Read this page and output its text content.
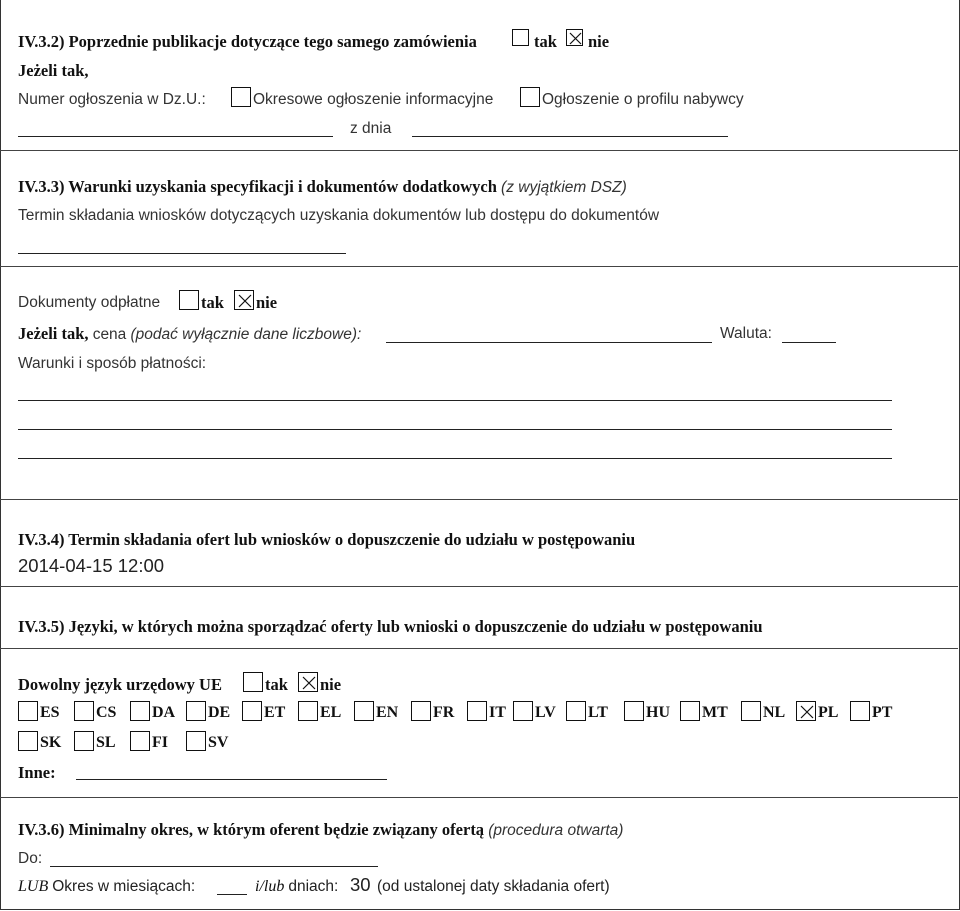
IV.3.2) Poprzednie publikacje dotyczące tego samego zamówienia	tak nie
Jeżeli tak,
Numer ogłoszenia w Dz.U.:	Okresowe ogłoszenie informacyjne	Ogłoszenie o profilu nabywcy
z dnia
IV.3.3) Warunki uzyskania specyfikacji i dokumentów dodatkowych (z wyjątkiem DSZ)
Termin składania wniosków dotyczących uzyskania dokumentów lub dostępu do dokumentów
Dokumenty odpłatne tak nie
Jeżeli tak, cena (podać wyłącznie dane liczbowe):	Waluta:
Warunki i sposób płatności:
IV.3.4) Termin składania ofert lub wniosków o dopuszczenie do udziału w postępowaniu
2014-04-15 12:00
IV.3.5) Języki, w których można sporządzać oferty lub wnioski o dopuszczenie do udziału w postępowaniu
Dowolny język urzędowy UE	tak nie
ES CS DA DE ET EL EN FR IT LV LT HU MT NL PL PT
SK SL FI	SV
Inne:
IV.3.6) Minimalny okres, w którym oferent będzie związany ofertą (procedura otwarta)
Do:
LUB Okres w miesiącach:	i/lub dniach: 30 (od ustalonej daty składania ofert)
